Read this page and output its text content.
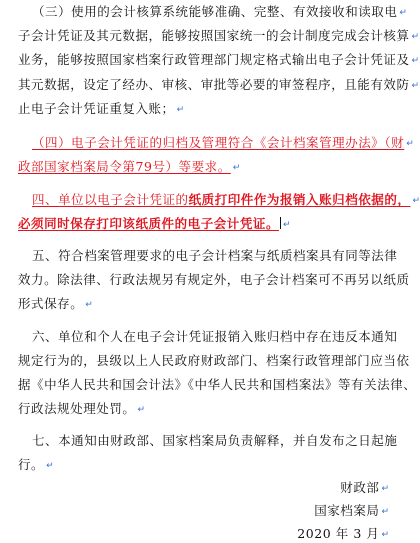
（三）使用的会计核算系统能够准确、完整、有效接收和读取电 ↵
子会计凭证及其元数据，能够按照国家统一的会计制度完成会计核算 ↵
业务，能够按照国家档案行政管理部门规定格式输出电子会计凭证及 ↵
其元数据，设定了经办、审核、审批等必要的审签程序，且能有效防 ↵
止电子会计凭证重复入账； ↵
（四）电子会计凭证的归档及管理符合《会计档案管理办法》（财 ↵
政部国家档案局令第79号）等要求。 ↵
四、单位以电子会计凭证的纸质打印件作为报销入账归档依据的， ↵
必须同时保存打印该纸质件的电子会计凭证。 ↵
五、符合档案管理要求的电子会计档案与纸质档案具有同等法律
效力。除法律、行政法规另有规定外，电子会计档案可不再另以纸质
形式保存。 ↵
六、单位和个人在电子会计凭证报销入账归档中存在违反本通知
规定行为的，县级以上人民政府财政部门、档案行政管理部门应当依
据《中华人民共和国会计法》《中华人民共和国档案法》等有关法律、
行政法规处理处罚。 ↵
七、本通知由财政部、国家档案局负责解释，并自发布之日起施
行。 ↵
财政部 ↵
国家档案局 ↵
2020 年 3 月 ↵
